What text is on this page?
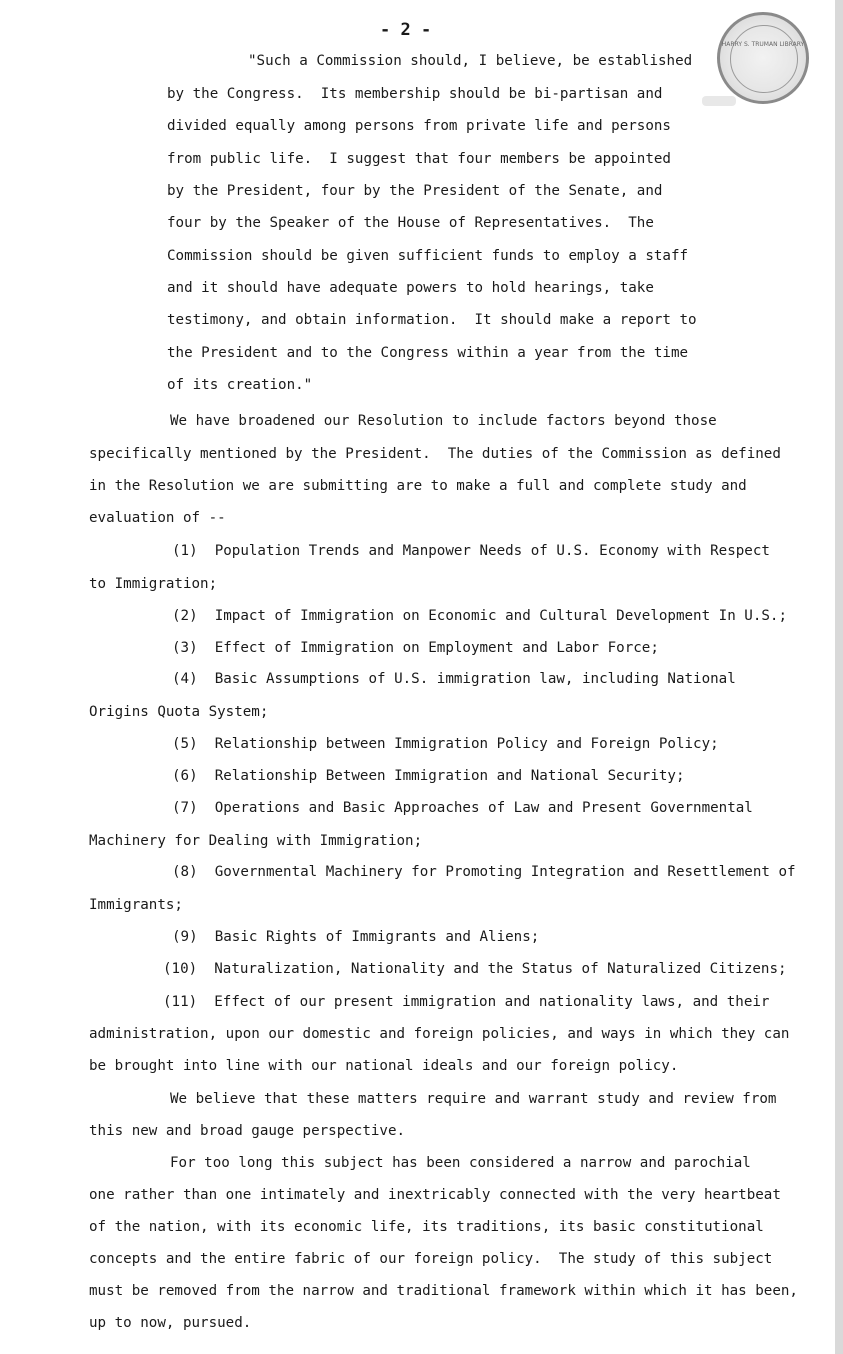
- 2 -

HARRY S. TRUMAN LIBRARY

"Such a Commission should, I believe, be established

by the Congress.  Its membership should be bi-partisan and

divided equally among persons from private life and persons

from public life.  I suggest that four members be appointed

by the President, four by the President of the Senate, and

four by the Speaker of the House of Representatives.  The

Commission should be given sufficient funds to employ a staff

and it should have adequate powers to hold hearings, take

testimony, and obtain information.  It should make a report to

the President and to the Congress within a year from the time

of its creation."

We have broadened our Resolution to include factors beyond those

specifically mentioned by the President.  The duties of the Commission as defined

in the Resolution we are submitting are to make a full and complete study and

evaluation of --

(1)  Population Trends and Manpower Needs of U.S. Economy with Respect

to Immigration;

(2)  Impact of Immigration on Economic and Cultural Development In U.S.;

(3)  Effect of Immigration on Employment and Labor Force;

(4)  Basic Assumptions of U.S. immigration law, including National

Origins Quota System;

(5)  Relationship between Immigration Policy and Foreign Policy;

(6)  Relationship Between Immigration and National Security;

(7)  Operations and Basic Approaches of Law and Present Governmental

Machinery for Dealing with Immigration;

(8)  Governmental Machinery for Promoting Integration and Resettlement of

Immigrants;

(9)  Basic Rights of Immigrants and Aliens;

(10)  Naturalization, Nationality and the Status of Naturalized Citizens;

(11)  Effect of our present immigration and nationality laws, and their

administration, upon our domestic and foreign policies, and ways in which they can

be brought into line with our national ideals and our foreign policy.

We believe that these matters require and warrant study and review from

this new and broad gauge perspective.

For too long this subject has been considered a narrow and parochial

one rather than one intimately and inextricably connected with the very heartbeat

of the nation, with its economic life, its traditions, its basic constitutional

concepts and the entire fabric of our foreign policy.  The study of this subject

must be removed from the narrow and traditional framework within which it has been,

up to now, pursued.
